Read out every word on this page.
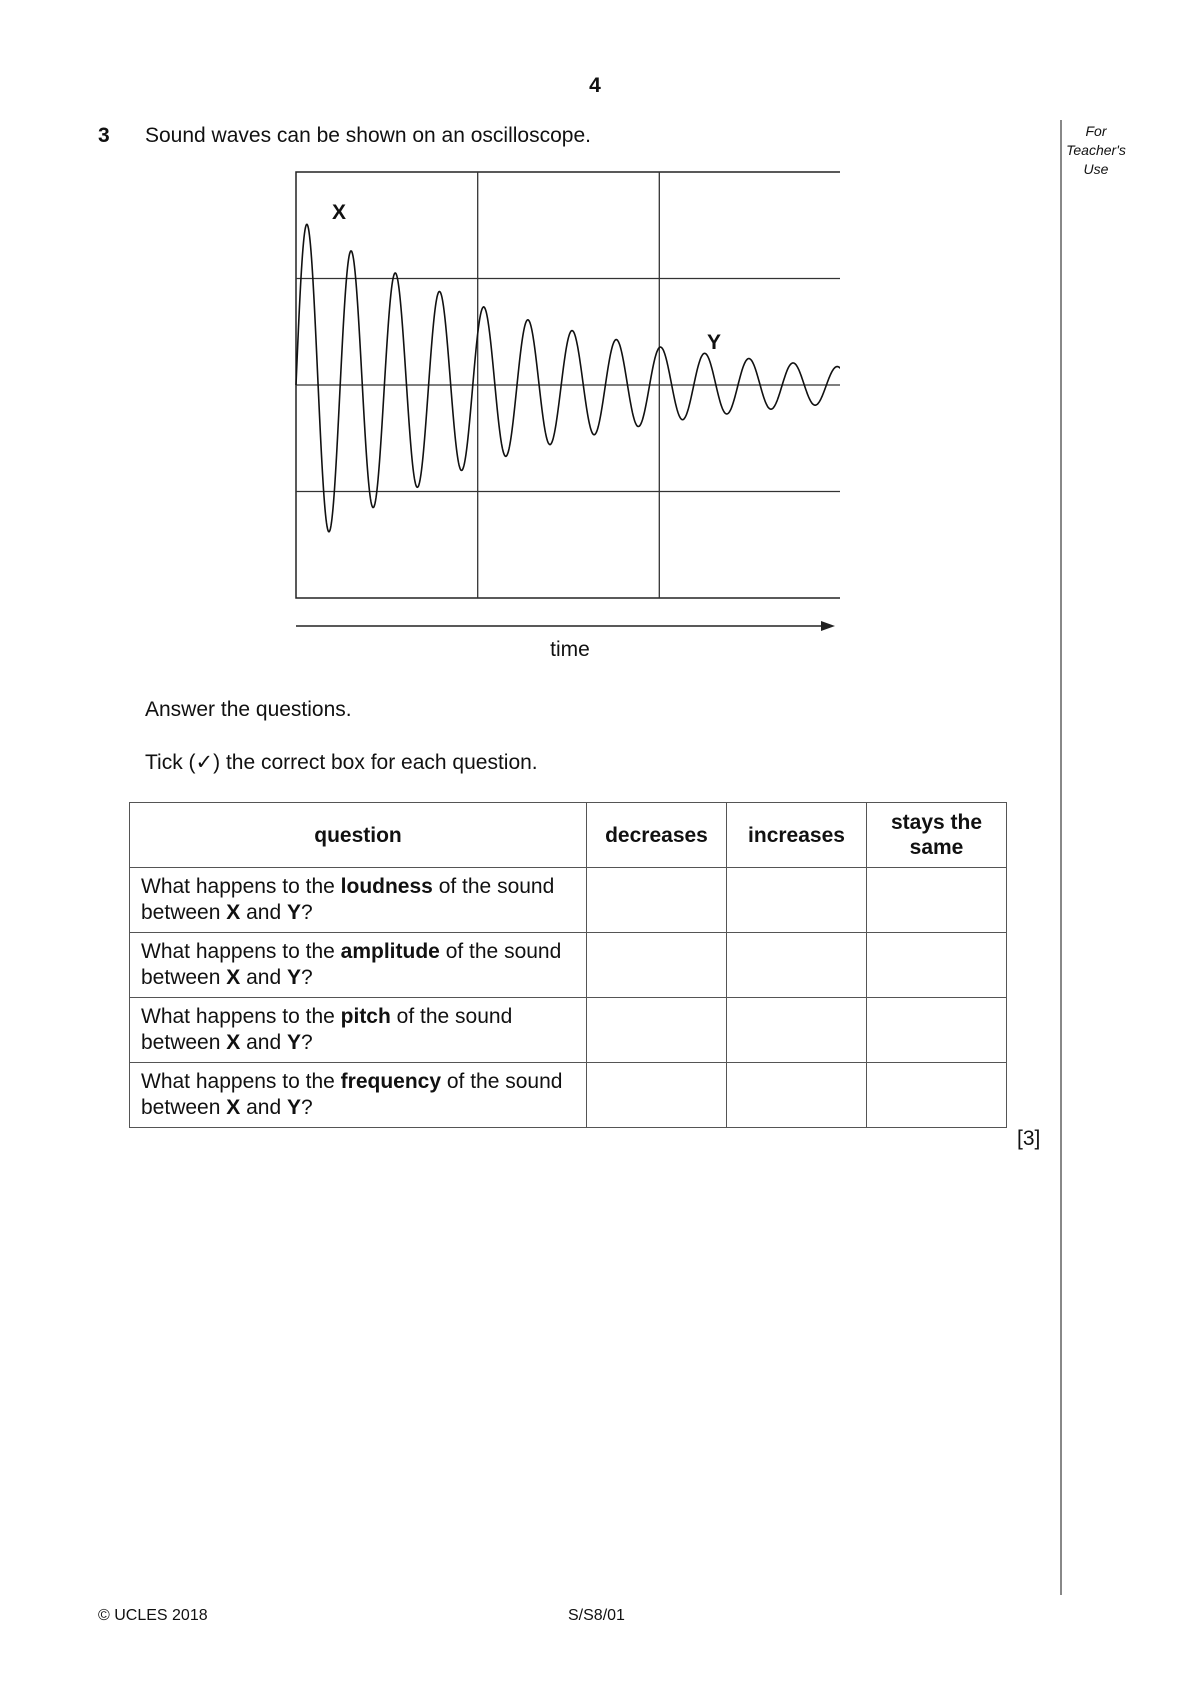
4
3 Sound waves can be shown on an oscilloscope.	For
Teacher's
Use
X
Y
time
Answer the questions.
Tick (✓) the correct box for each question.
question	decreases	increases	stays the
same
What happens to the loudness of the sound
between X and Y?			
What happens to the amplitude of the sound
between X and Y?			
What happens to the pitch of the sound
between X and Y?			
What happens to the frequency of the sound
between X and Y?			
[3]
© UCLES 2018	S/S8/01
